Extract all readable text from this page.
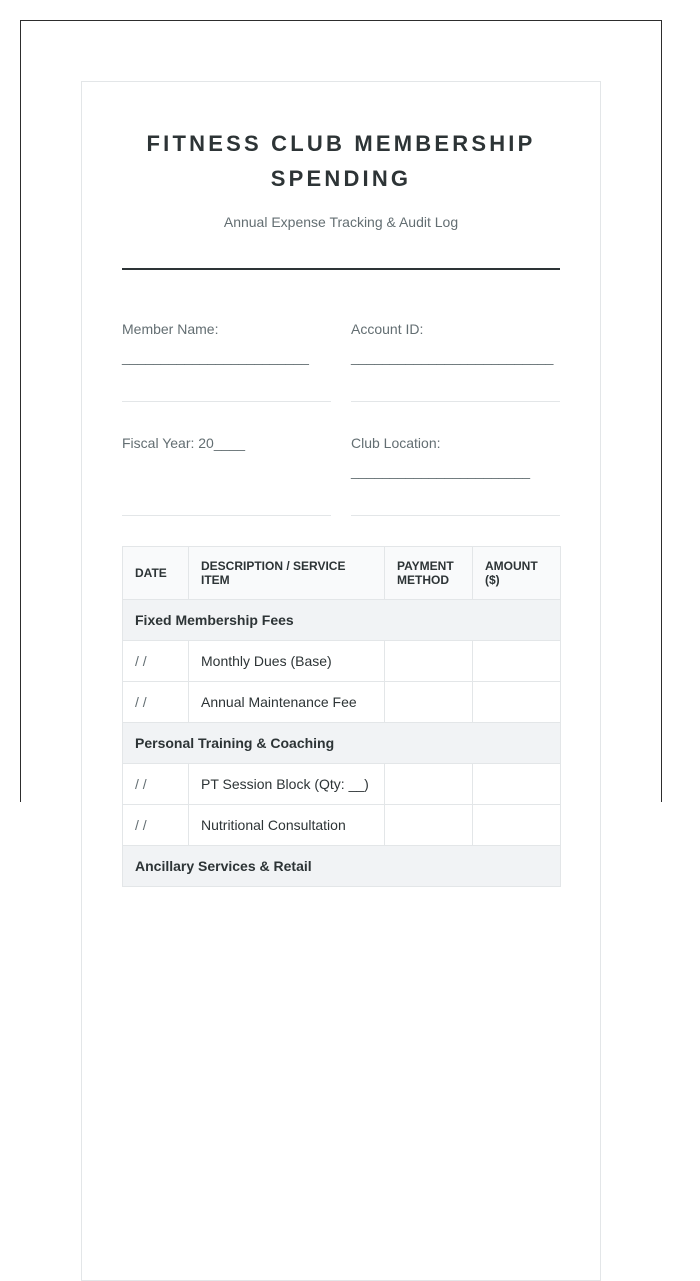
FITNESS CLUB MEMBERSHIP SPENDING
Annual Expense Tracking & Audit Log
Member Name:
________________________
Account ID:
__________________________
Fiscal Year: 20____	Club Location:
_______________________
DATE	DESCRIPTION / SERVICE ITEM	PAYMENT METHOD	AMOUNT ($)
Fixed Membership Fees			
/ /	Monthly Dues (Base)		
/ /	Annual Maintenance Fee		
Personal Training & Coaching			
/ /	PT Session Block (Qty: __)		
/ /	Nutritional Consultation		
Ancillary Services & Retail			
